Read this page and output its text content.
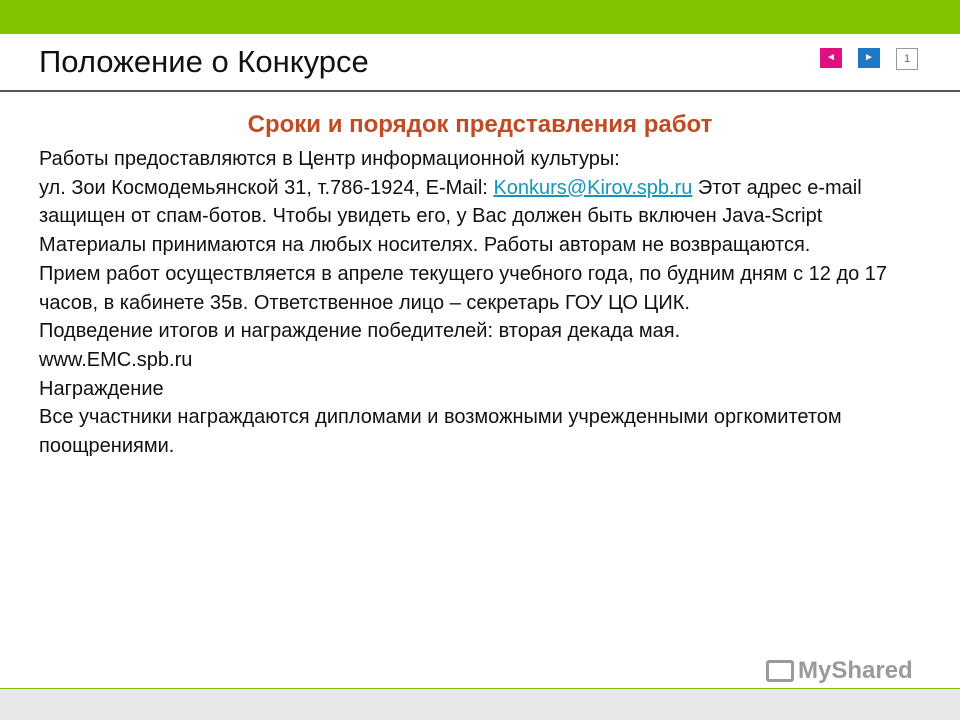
Положение о Конкурсе	◄	►	1
Сроки и порядок представления работ

Работы предоставляются в Центр информационной культуры:

ул. Зои Космодемьянской 31, т.786-1924, E-Mail: Konkurs@Kirov.spb.ru Этот адрес e-mail защищен от спам-ботов. Чтобы увидеть его, у Вас должен быть включен Java-Script

Материалы принимаются на любых носителях. Работы авторам не возвращаются.

Прием работ осуществляется в апреле текущего учебного года, по будним дням с 12 до 17 часов, в кабинете 35в. Ответственное лицо – секретарь ГОУ ЦО ЦИК.

Подведение итогов и награждение победителей: вторая декада мая.

www.EMC.spb.ru

Награждение

Все участники награждаются дипломами и возможными учрежденными оргкомитетом поощрениями.

MyShared
